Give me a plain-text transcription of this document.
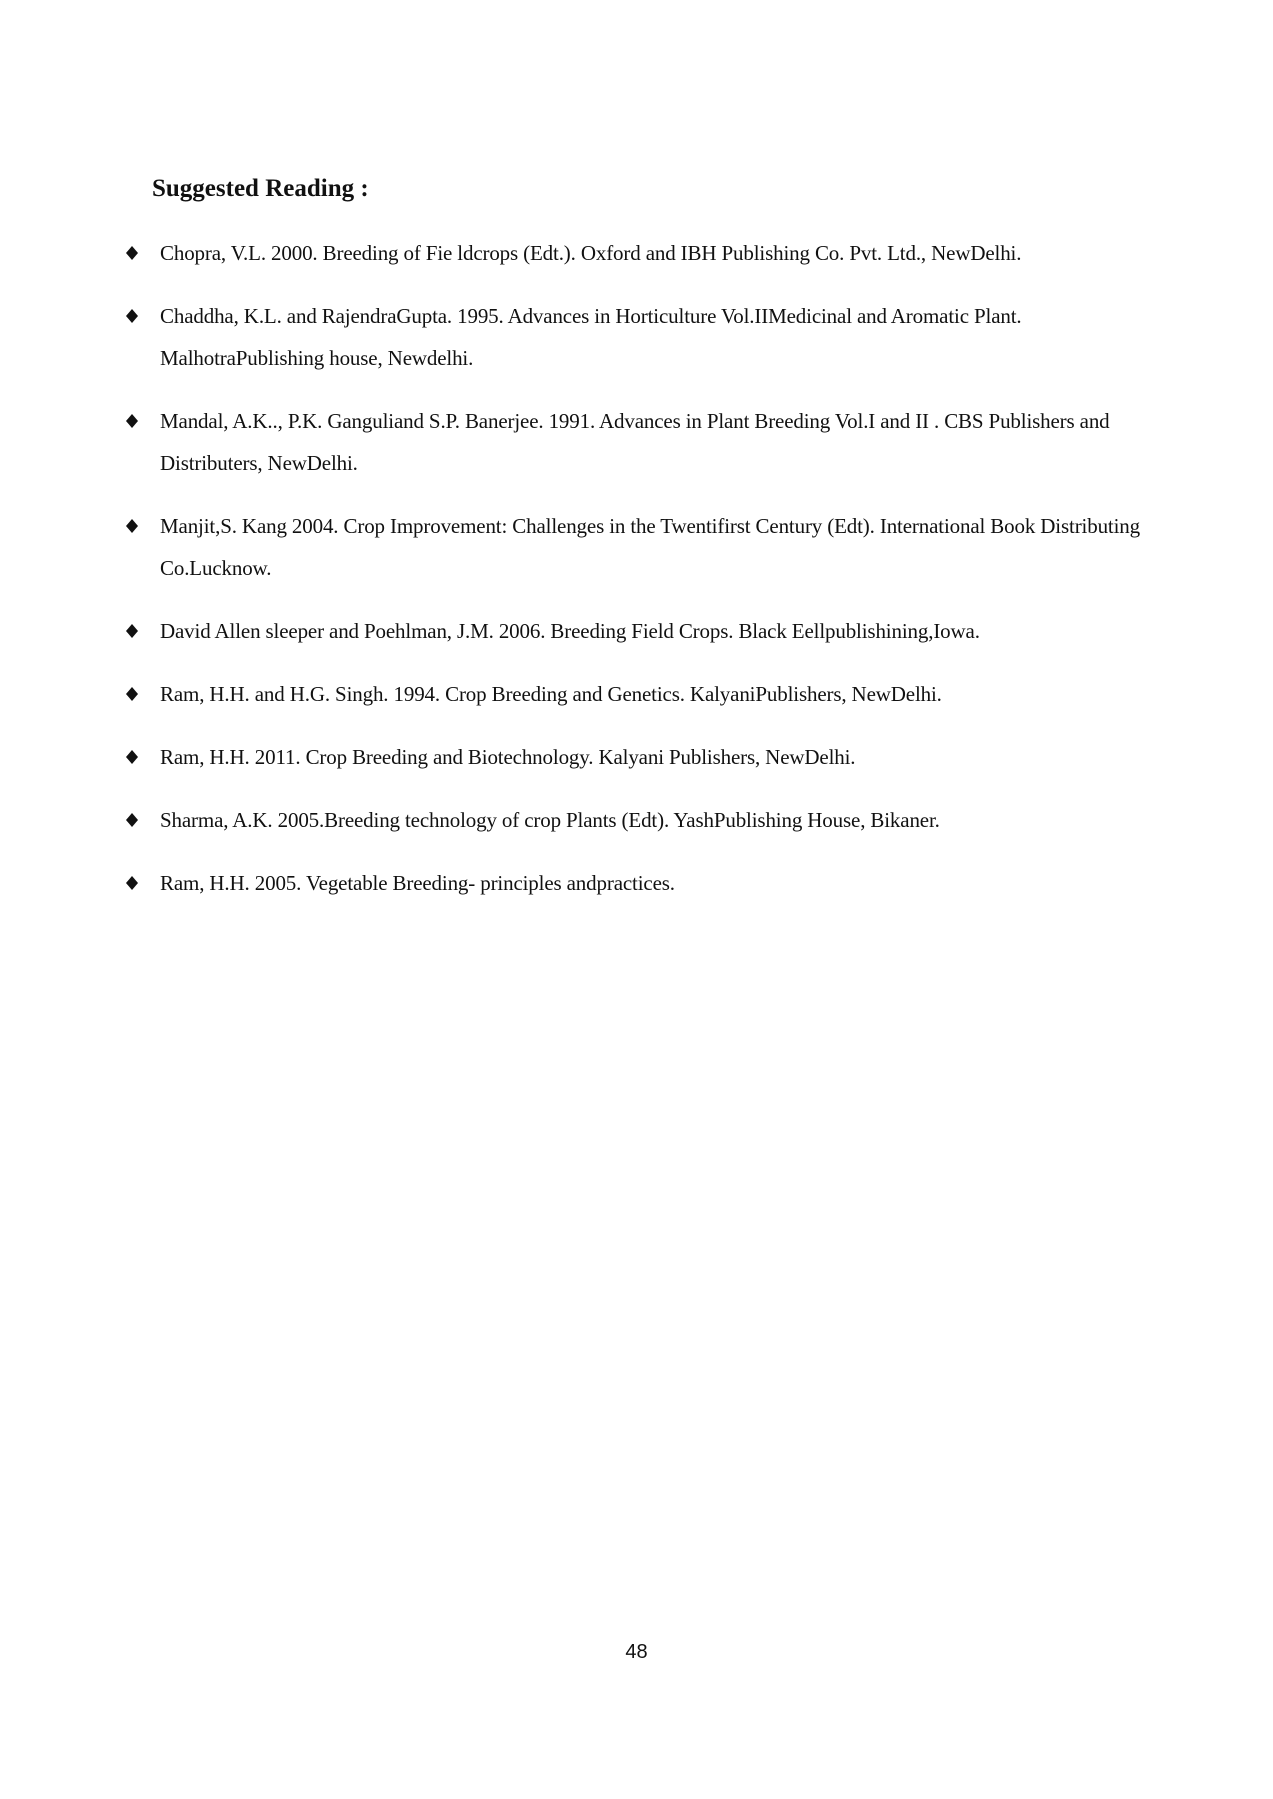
Suggested Reading :
Chopra, V.L. 2000. Breeding of Fie ldcrops (Edt.). Oxford and IBH Publishing Co. Pvt. Ltd., NewDelhi.
Chaddha, K.L. and RajendraGupta. 1995. Advances in Horticulture Vol.IIMedicinal and Aromatic Plant. MalhotraPublishing house, Newdelhi.
Mandal, A.K.., P.K. Ganguliand S.P. Banerjee. 1991. Advances in Plant Breeding Vol.I and II . CBS Publishers and Distributers, NewDelhi.
Manjit,S. Kang 2004. Crop Improvement: Challenges in the Twentifirst Century (Edt). International Book Distributing Co.Lucknow.
David Allen sleeper and Poehlman, J.M. 2006. Breeding Field Crops. Black Eellpublishining,Iowa.
Ram, H.H. and H.G. Singh. 1994. Crop Breeding and Genetics. KalyaniPublishers, NewDelhi.
Ram, H.H. 2011. Crop Breeding and Biotechnology. Kalyani Publishers, NewDelhi.
Sharma, A.K. 2005.Breeding technology of crop Plants (Edt). YashPublishing House, Bikaner.
Ram, H.H. 2005. Vegetable Breeding- principles andpractices.
48
